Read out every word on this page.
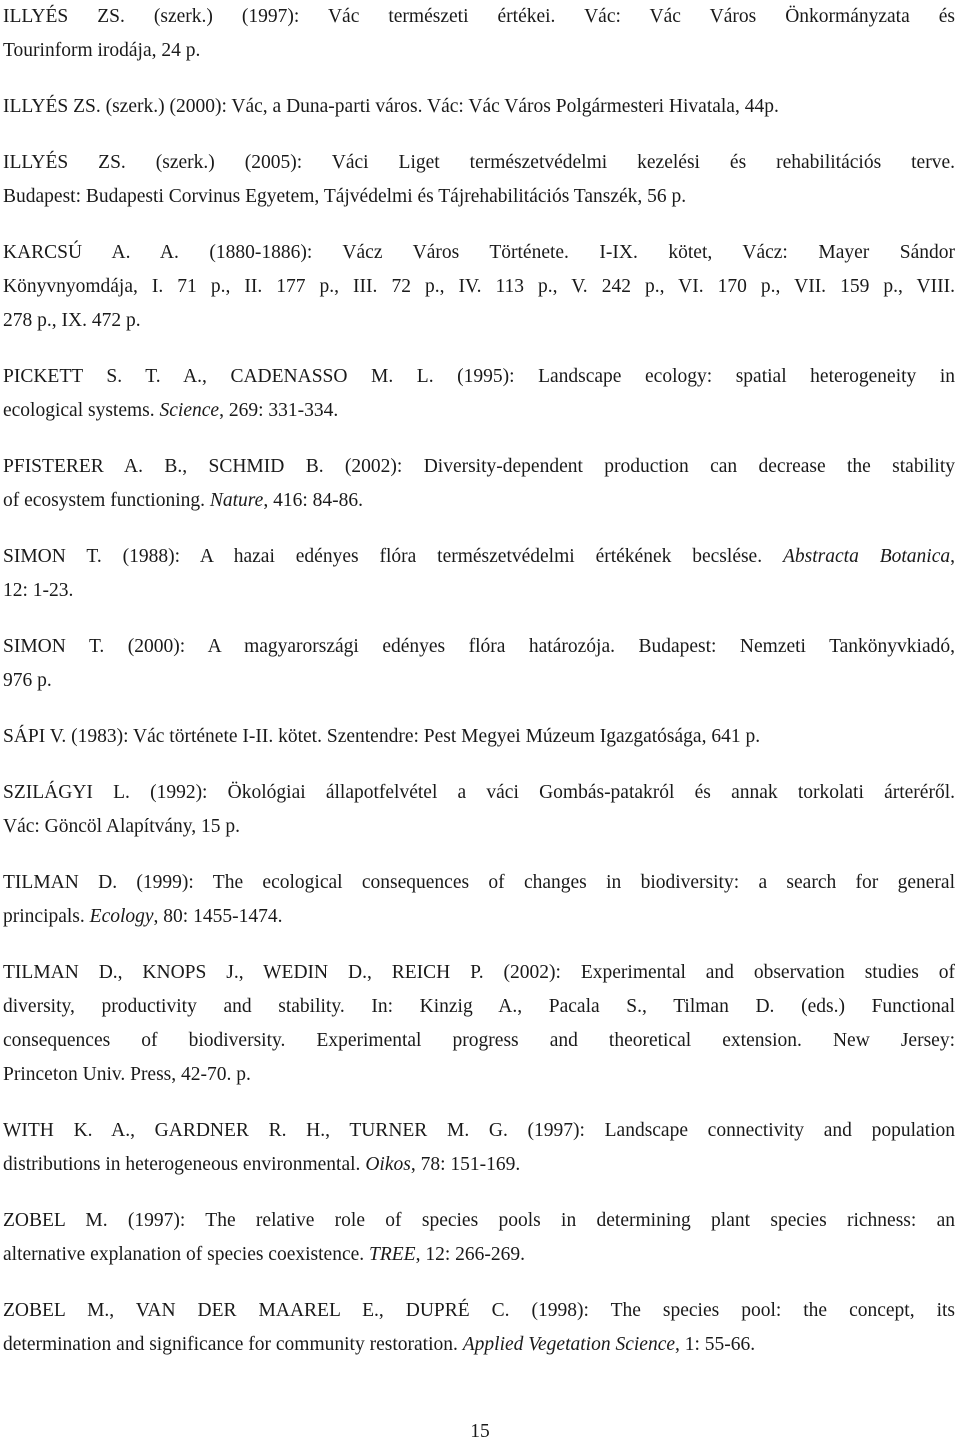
ILLYÉS ZS. (szerk.) (1997): Vác természeti értékei. Vác: Vác Város Önkormányzata és
Tourinform irodája, 24 p.

ILLYÉS ZS. (szerk.) (2000): Vác, a Duna-parti város. Vác: Vác Város Polgármesteri Hivatala, 44p.

ILLYÉS ZS. (szerk.) (2005): Váci Liget természetvédelmi kezelési és rehabilitációs terve.
Budapest: Budapesti Corvinus Egyetem, Tájvédelmi és Tájrehabilitációs Tanszék, 56 p.

KARCSÚ A. A. (1880-1886): Vácz Város Története. I-IX. kötet, Vácz: Mayer Sándor
Könyvnyomdája, I. 71 p., II. 177 p., III. 72 p., IV. 113 p., V. 242 p., VI. 170 p., VII. 159 p., VIII.
278 p., IX. 472 p.

PICKETT S. T. A., CADENASSO M. L. (1995): Landscape ecology: spatial heterogeneity in
ecological systems. Science, 269: 331-334.

PFISTERER A. B., SCHMID B. (2002): Diversity-dependent production can decrease the stability
of ecosystem functioning. Nature, 416: 84-86.

SIMON T. (1988): A hazai edényes flóra természetvédelmi értékének becslése. Abstracta Botanica,
12: 1-23.

SIMON T. (2000): A magyarországi edényes flóra határozója. Budapest: Nemzeti Tankönyvkiadó,
976 p.

SÁPI V. (1983): Vác története I-II. kötet. Szentendre: Pest Megyei Múzeum Igazgatósága, 641 p.

SZILÁGYI L. (1992): Ökológiai állapotfelvétel a váci Gombás-patakról és annak torkolati árteréről.
Vác: Göncöl Alapítvány, 15 p.

TILMAN D. (1999): The ecological consequences of changes in biodiversity: a search for general
principals. Ecology, 80: 1455-1474.

TILMAN D., KNOPS J., WEDIN D., REICH P. (2002): Experimental and observation studies of
diversity, productivity and stability. In: Kinzig A., Pacala S., Tilman D. (eds.) Functional
consequences of biodiversity. Experimental progress and theoretical extension. New Jersey:
Princeton Univ. Press, 42-70. p.

WITH K. A., GARDNER R. H., TURNER M. G. (1997): Landscape connectivity and population
distributions in heterogeneous environmental. Oikos, 78: 151-169.

ZOBEL M. (1997): The relative role of species pools in determining plant species richness: an
alternative explanation of species coexistence. TREE, 12: 266-269.

ZOBEL M., VAN DER MAAREL E., DUPRÉ C. (1998): The species pool: the concept, its
determination and significance for community restoration. Applied Vegetation Science, 1: 55-66.

15
